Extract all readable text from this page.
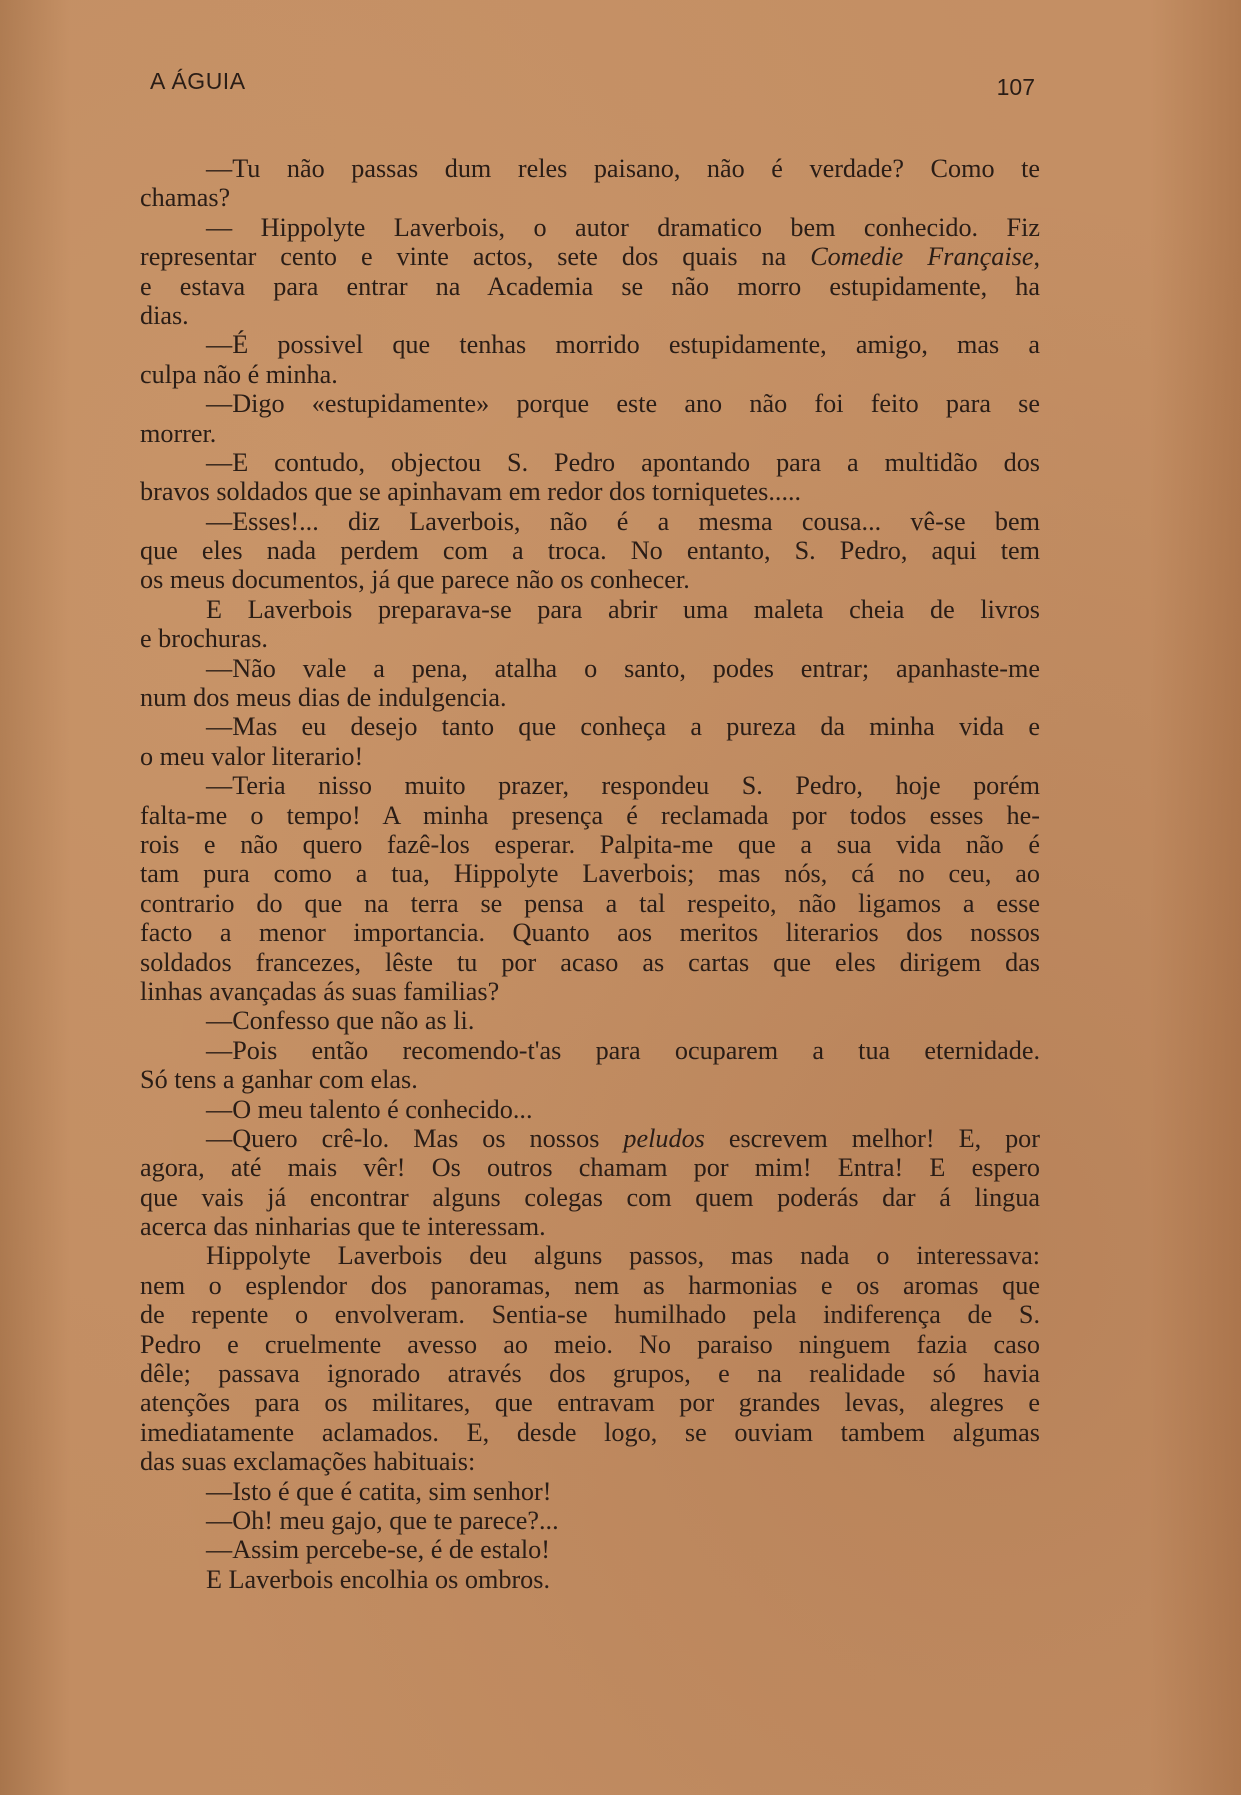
A ÁGUIA	107
—Tu não passas dum reles paisano, não é verdade? Como te
chamas?
— Hippolyte Laverbois, o autor dramatico bem conhecido. Fiz
representar cento e vinte actos, sete dos quais na Comedie Française,
e estava para entrar na Academia se não morro estupidamente, ha
dias.
—É possivel que tenhas morrido estupidamente, amigo, mas a
culpa não é minha.
—Digo «estupidamente» porque este ano não foi feito para se
morrer.
—E contudo, objectou S. Pedro apontando para a multidão dos
bravos soldados que se apinhavam em redor dos torniquetes.....
—Esses!... diz Laverbois, não é a mesma cousa... vê-se bem
que eles nada perdem com a troca. No entanto, S. Pedro, aqui tem
os meus documentos, já que parece não os conhecer.
E Laverbois preparava-se para abrir uma maleta cheia de livros
e brochuras.
—Não vale a pena, atalha o santo, podes entrar; apanhaste-me
num dos meus dias de indulgencia.
—Mas eu desejo tanto que conheça a pureza da minha vida e
o meu valor literario!
—Teria nisso muito prazer, respondeu S. Pedro, hoje porém
falta-me o tempo! A minha presença é reclamada por todos esses he-
rois e não quero fazê-los esperar. Palpita-me que a sua vida não é
tam pura como a tua, Hippolyte Laverbois; mas nós, cá no ceu, ao
contrario do que na terra se pensa a tal respeito, não ligamos a esse
facto a menor importancia. Quanto aos meritos literarios dos nossos
soldados francezes, lêste tu por acaso as cartas que eles dirigem das
linhas avançadas ás suas familias?
—Confesso que não as li.
—Pois então recomendo-t'as para ocuparem a tua eternidade.
Só tens a ganhar com elas.
—O meu talento é conhecido...
—Quero crê-lo. Mas os nossos peludos escrevem melhor! E, por
agora, até mais vêr! Os outros chamam por mim! Entra! E espero
que vais já encontrar alguns colegas com quem poderás dar á lingua
acerca das ninharias que te interessam.
Hippolyte Laverbois deu alguns passos, mas nada o interessava:
nem o esplendor dos panoramas, nem as harmonias e os aromas que
de repente o envolveram. Sentia-se humilhado pela indiferença de S.
Pedro e cruelmente avesso ao meio. No paraiso ninguem fazia caso
dêle; passava ignorado através dos grupos, e na realidade só havia
atenções para os militares, que entravam por grandes levas, alegres e
imediatamente aclamados. E, desde logo, se ouviam tambem algumas
das suas exclamações habituais:
—Isto é que é catita, sim senhor!
—Oh! meu gajo, que te parece?...
—Assim percebe-se, é de estalo!
E Laverbois encolhia os ombros.
